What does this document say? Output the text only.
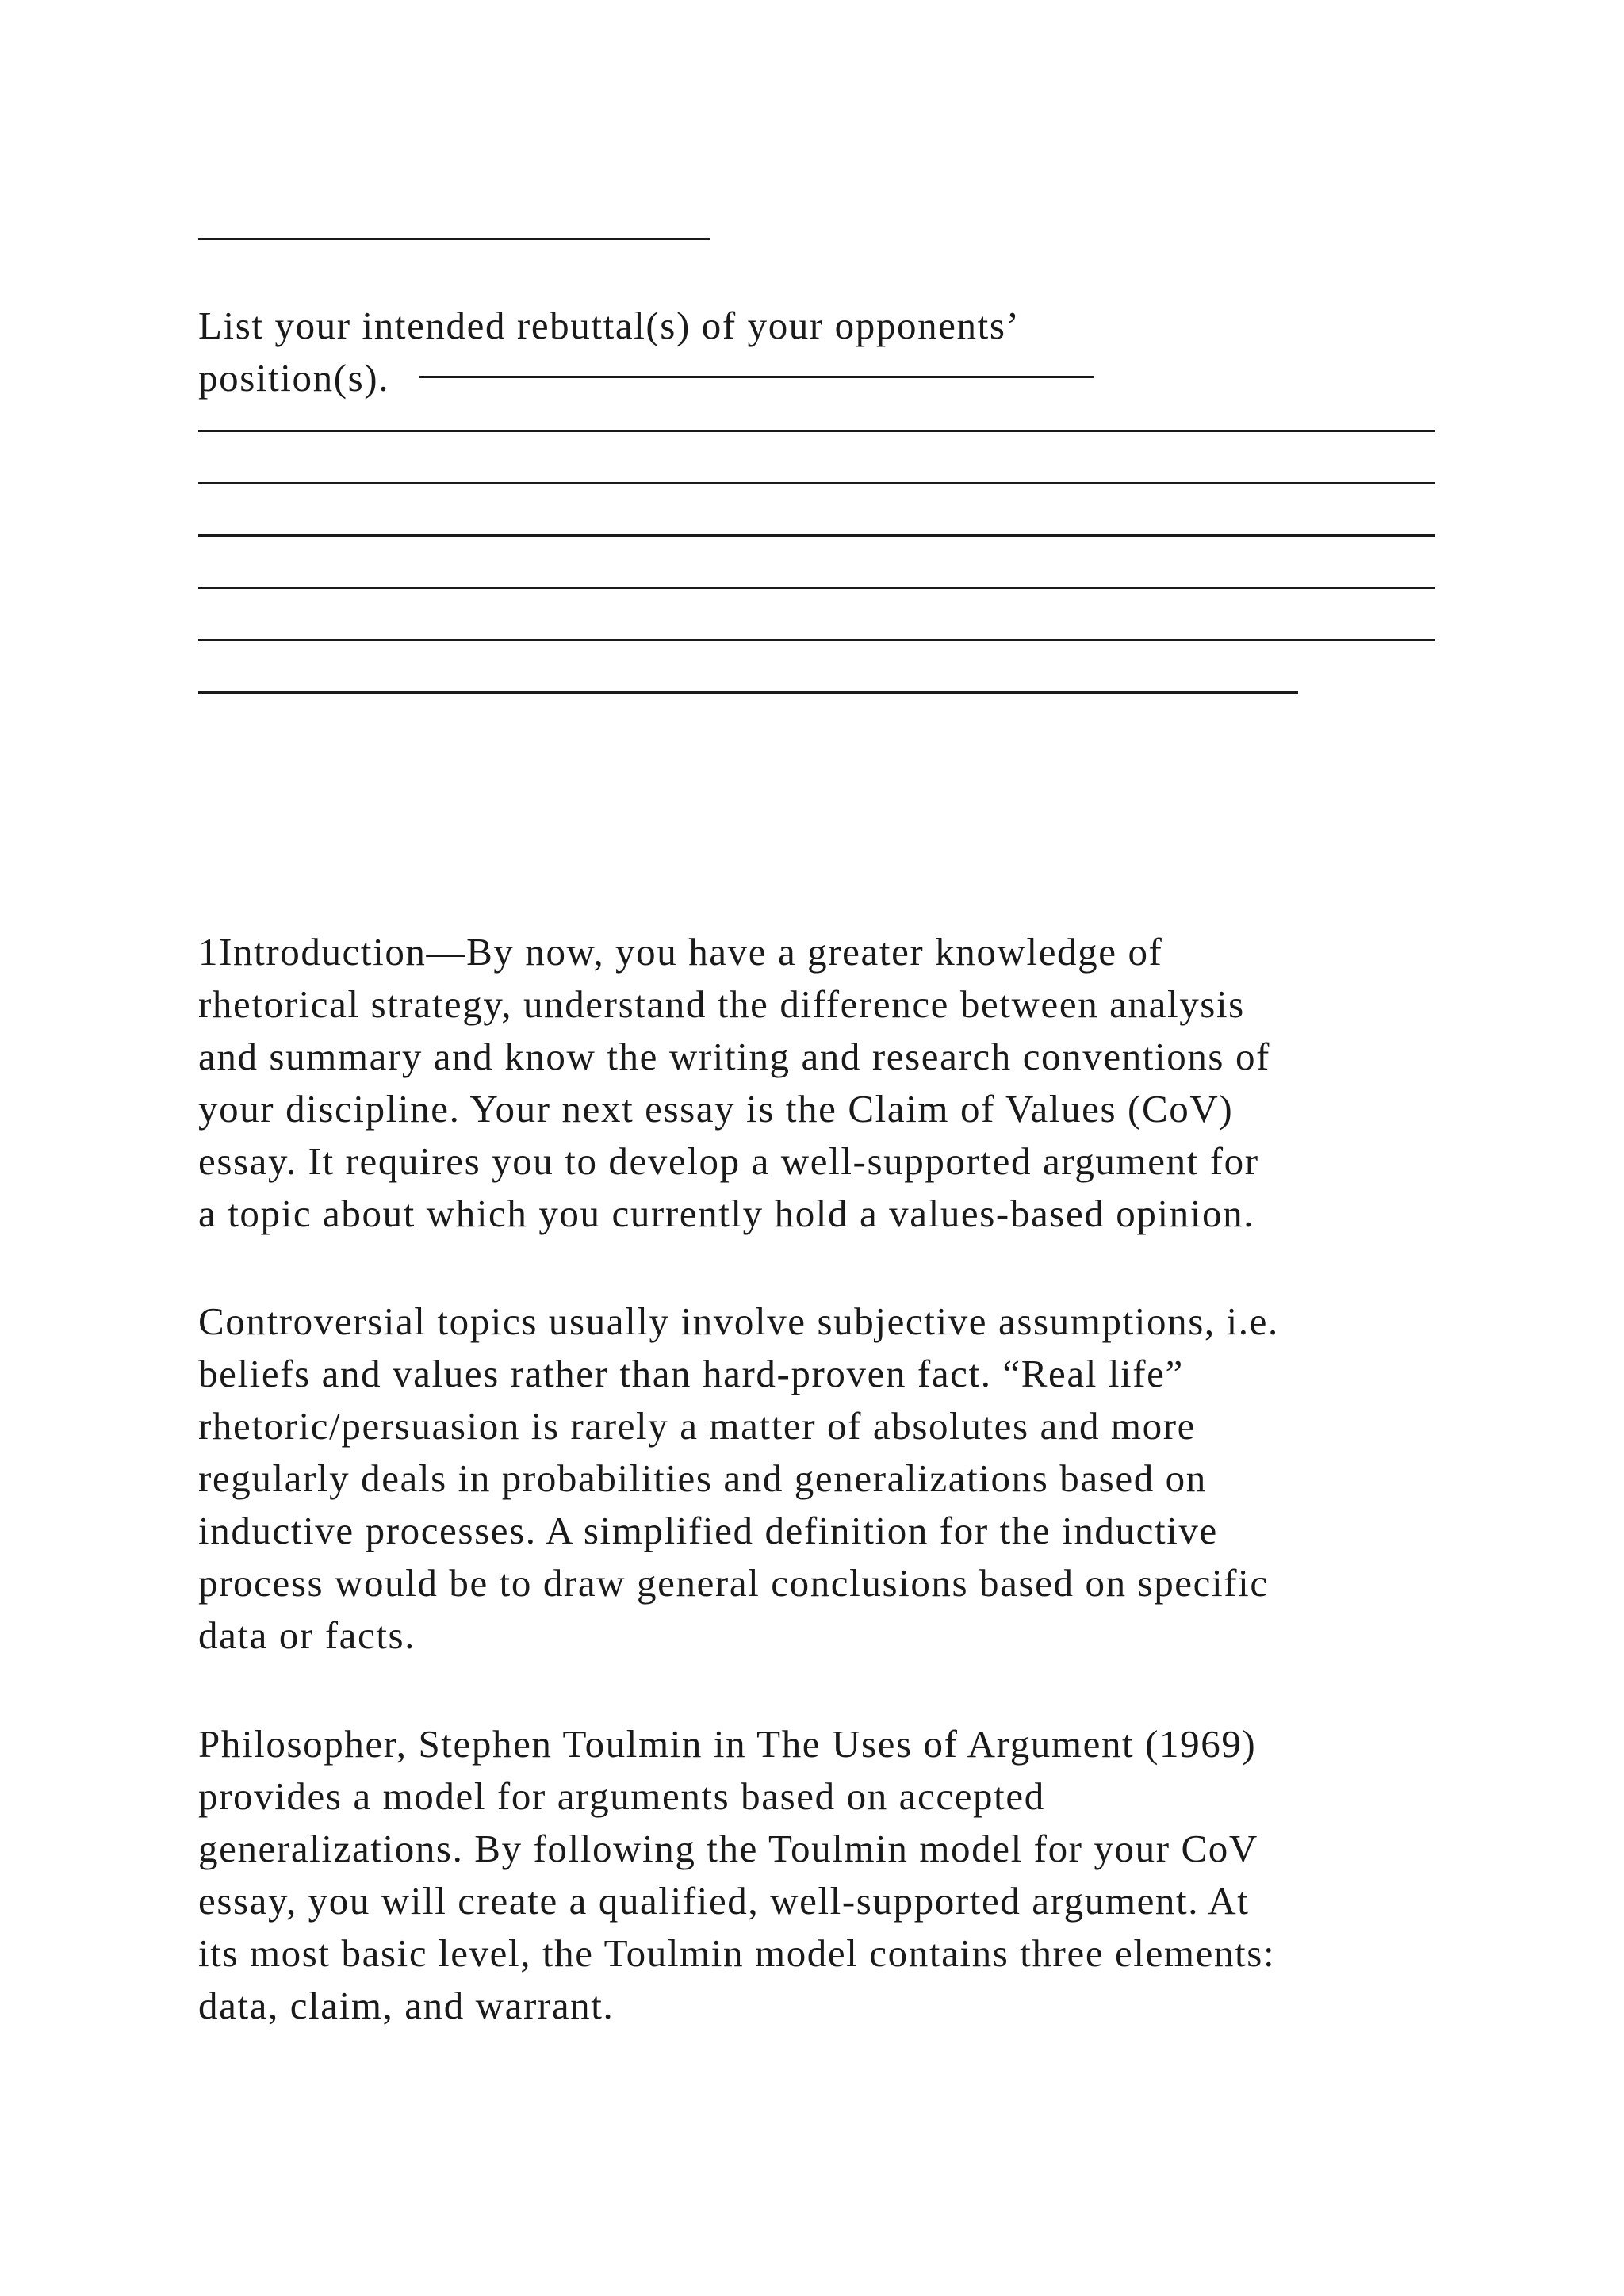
List your intended rebuttal(s) of your opponents’
position(s).
1Introduction—By now, you have a greater knowledge of
rhetorical strategy, understand the difference between analysis
and summary and know the writing and research conventions of
your discipline. Your next essay is the Claim of Values (CoV)
essay. It requires you to develop a well-supported argument for
a topic about which you currently hold a values-based opinion.
Controversial topics usually involve subjective assumptions, i.e.
beliefs and values rather than hard-proven fact. “Real life”
rhetoric/persuasion is rarely a matter of absolutes and more
regularly deals in probabilities and generalizations based on
inductive processes. A simplified definition for the inductive
process would be to draw general conclusions based on specific
data or facts.
Philosopher, Stephen Toulmin in The Uses of Argument (1969)
provides a model for arguments based on accepted
generalizations. By following the Toulmin model for your CoV
essay, you will create a qualified, well-supported argument. At
its most basic level, the Toulmin model contains three elements:
data, claim, and warrant.
